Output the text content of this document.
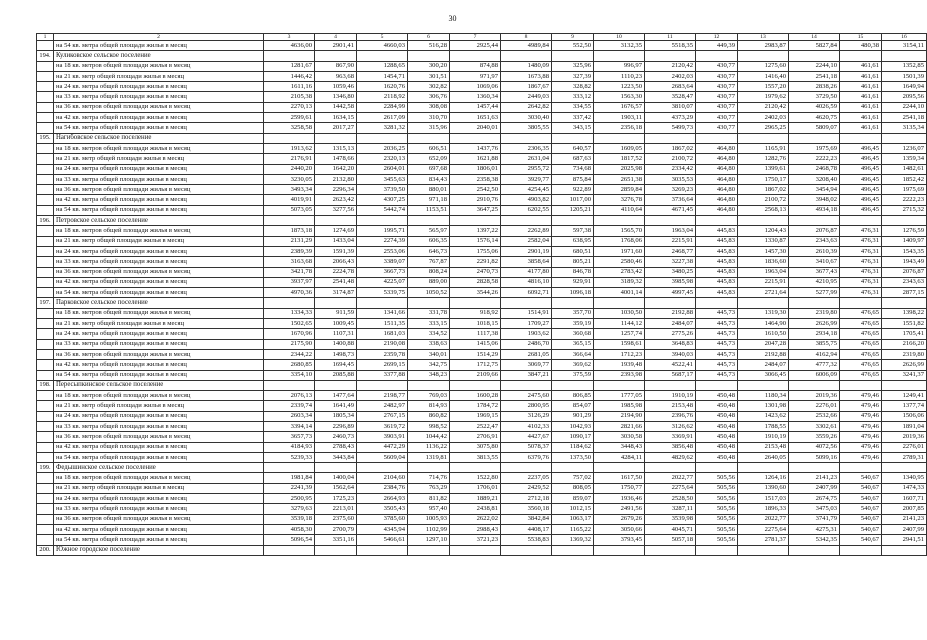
30
1	2	3	4	5	6	7	8	9	10	11	12	13	14	15	16
	на 54 кв. метра общей площади жилья в месяц	4636,00	2901,41	4660,03	516,28	2925,44	4989,84	552,50	3132,35	5518,35	449,39	2983,87	5827,84	480,38	3154,11
194.	Куликовское сельское поселение														
	на 18 кв. метров общей площади жилья в месяц	1281,67	867,90	1288,65	300,20	874,88	1480,09	325,96	996,97	2120,42	430,77	1275,60	2244,10	461,61	1352,85
	на 21 кв. метр общей площади жилья в месяц	1446,42	963,68	1454,71	301,51	971,97	1673,88	327,39	1110,23	2402,03	430,77	1416,40	2541,18	461,61	1501,39
	на 24 кв. метра общей площади жилья в месяц	1611,16	1059,46	1620,76	302,82	1069,06	1867,67	328,82	1223,50	2683,64	430,77	1557,20	2838,26	461,61	1649,94
	на 33 кв. метра общей площади жилья в месяц	2105,38	1346,80	2118,92	306,76	1360,34	2449,03	333,12	1563,30	3528,47	430,77	1979,62	3729,50	461,61	2095,56
	на 36 кв. метров общей площади жилья в месяц	2270,13	1442,58	2284,99	308,08	1457,44	2642,82	334,55	1676,57	3810,07	430,77	2120,42	4026,59	461,61	2244,10
	на 42 кв. метра общей площади жилья в месяц	2599,61	1634,15	2617,09	310,70	1651,63	3030,40	337,42	1903,11	4373,29	430,77	2402,03	4620,75	461,61	2541,18
	на 54 кв. метра общей площади жилья в месяц	3258,58	2017,27	3281,32	315,96	2040,01	3805,55	343,15	2356,18	5499,73	430,77	2965,25	5809,07	461,61	3135,34
195.	Нагибовское сельское поселение														
	на 18 кв. метров общей площади жилья в месяц	1913,62	1315,13	2036,25	606,51	1437,76	2306,35	640,57	1609,05	1867,02	464,80	1165,91	1975,69	496,45	1236,07
	на 21 кв. метр общей площади жилья в месяц	2176,91	1478,66	2320,13	652,09	1621,88	2631,04	687,63	1817,52	2100,72	464,80	1282,76	2222,23	496,45	1359,34
	на 24 кв. метра общей площади жилья в месяц	2440,20	1642,20	2604,01	697,68	1806,01	2955,72	734,68	2025,98	2334,42	464,80	1399,61	2468,78	496,45	1482,61
	на 33 кв. метра общей площади жилья в месяц	3230,05	2132,80	3455,63	834,43	2358,38	3929,77	875,84	2651,38	3035,53	464,80	1750,17	3208,40	496,45	1852,42
	на 36 кв. метров общей площади жилья в месяц	3493,34	2296,34	3739,50	880,01	2542,50	4254,45	922,89	2859,84	3269,23	464,80	1867,02	3454,94	496,45	1975,69
	на 42 кв. метра общей площади жилья в месяц	4019,91	2623,42	4307,25	971,18	2910,76	4903,82	1017,00	3276,78	3736,64	464,80	2100,72	3948,02	496,45	2222,23
	на 54 кв. метра общей площади жилья в месяц	5073,05	3277,56	5442,74	1153,51	3647,25	6202,55	1205,21	4110,64	4671,45	464,80	2568,13	4934,18	496,45	2715,32
196.	Петровское сельское поселение														
	на 18 кв. метров общей площади жилья в месяц	1873,18	1274,69	1995,71	565,97	1397,22	2262,89	597,38	1565,70	1963,04	445,83	1204,43	2076,87	476,31	1276,59
	на 21 кв. метр общей площади жилья в месяц	2131,29	1433,04	2274,39	606,35	1576,14	2582,04	638,95	1768,06	2215,91	445,83	1330,87	2343,63	476,31	1409,97
	на 24 кв. метра общей площади жилья в месяц	2389,39	1591,39	2553,06	646,73	1755,06	2901,19	680,51	1971,60	2468,77	445,83	1457,30	2610,39	476,31	1543,35
	на 33 кв. метра общей площади жилья в месяц	3163,68	2066,43	3389,07	767,87	2291,82	3858,64	805,21	2580,46	3227,38	445,83	1836,60	3410,67	476,31	1943,49
	на 36 кв. метров общей площади жилья в месяц	3421,78	2224,78	3667,73	808,24	2470,73	4177,80	846,78	2783,42	3480,25	445,83	1963,04	3677,43	476,31	2076,87
	на 42 кв. метра общей площади жилья в месяц	3937,97	2541,48	4225,07	889,00	2828,58	4816,10	929,91	3189,32	3985,98	445,83	2215,91	4210,95	476,31	2343,63
	на 54 кв. метра общей площади жилья в месяц	4970,36	3174,87	5339,75	1050,52	3544,26	6092,71	1096,18	4001,14	4997,45	445,83	2721,64	5277,99	476,31	2877,15
197.	Парковское сельское поселение														
	на 18 кв. метров общей площади жилья в месяц	1334,33	911,59	1341,66	331,78	918,92	1514,91	357,70	1030,50	2192,88	445,73	1319,30	2319,80	476,65	1398,22
	на 21 кв. метр общей площади жилья в месяц	1502,65	1009,45	1511,35	333,15	1018,15	1709,27	359,19	1144,12	2484,07	445,73	1464,90	2626,99	476,65	1551,82
	на 24 кв. метра общей площади жилья в месяц	1670,96	1107,31	1681,03	334,52	1117,38	1903,62	360,68	1257,74	2775,26	445,73	1610,50	2934,18	476,65	1705,41
	на 33 кв. метра общей площади жилья в месяц	2175,90	1400,88	2190,08	338,63	1415,06	2486,70	365,15	1598,61	3648,83	445,73	2047,28	3855,75	476,65	2166,20
	на 36 кв. метров общей площади жилья в месяц	2344,22	1498,73	2359,78	340,01	1514,29	2681,05	366,64	1712,23	3940,03	445,73	2192,88	4162,94	476,65	2319,80
	на 42 кв. метра общей площади жилья в месяц	2680,85	1694,45	2699,15	342,75	1712,75	3069,77	369,62	1939,48	4522,41	445,73	2484,07	4777,32	476,65	2626,99
	на 54 кв. метра общей площади жилья в месяц	3354,10	2085,88	3377,88	348,23	2109,66	3847,21	375,59	2393,98	5687,17	445,73	3066,45	6006,09	476,65	3241,37
198.	Пересыпкинское сельское поселение														
	на 18 кв. метров общей площади жилья в месяц	2076,13	1477,64	2198,77	769,03	1600,28	2475,60	806,85	1777,05	1910,19	450,48	1180,34	2019,36	479,46	1249,41
	на 21 кв. метр общей площади жилья в месяц	2339,74	1641,49	2482,97	814,93	1784,72	2800,95	854,07	1985,98	2153,48	450,48	1301,98	2276,01	479,46	1377,74
	на 24 кв. метра общей площади жилья в месяц	2603,34	1805,34	2767,15	860,82	1969,15	3126,29	901,29	2194,90	2396,76	450,48	1423,62	2532,66	479,46	1506,06
	на 33 кв. метра общей площади жилья в месяц	3394,14	2296,89	3619,72	998,52	2522,47	4102,33	1042,93	2821,66	3126,62	450,48	1788,55	3302,61	479,46	1891,04
	на 36 кв. метров общей площади жилья в месяц	3657,73	2460,73	3903,91	1044,42	2706,91	4427,67	1090,17	3030,58	3369,91	450,48	1910,19	3559,26	479,46	2019,36
	на 42 кв. метра общей площади жилья в месяц	4184,93	2788,43	4472,29	1136,22	3075,80	5078,37	1184,62	3448,43	3856,48	450,48	2153,48	4072,56	479,46	2276,01
	на 54 кв. метра общей площади жилья в месяц	5239,33	3443,84	5609,04	1319,81	3813,55	6379,76	1373,50	4284,11	4829,62	450,48	2640,05	5099,16	479,46	2789,31
199.	Федышинское сельское поселение														
	на 18 кв. метров общей площади жилья в месяц	1981,84	1400,04	2104,60	714,76	1522,80	2237,05	757,02	1617,50	2022,77	505,56	1264,16	2141,23	540,67	1340,95
	на 21 кв. метр общей площади жилья в месяц	2241,39	1562,64	2384,76	763,29	1706,01	2429,52	808,05	1750,77	2275,64	505,56	1390,60	2407,99	540,67	1474,33
	на 24 кв. метра общей площади жилья в месяц	2500,95	1725,23	2664,93	811,82	1889,21	2712,18	859,07	1936,46	2528,50	505,56	1517,03	2674,75	540,67	1607,71
	на 33 кв. метра общей площади жилья в месяц	3279,63	2213,01	3505,43	957,40	2438,81	3560,18	1012,15	2491,56	3287,11	505,56	1896,33	3475,03	540,67	2007,85
	на 36 кв. метров общей площади жилья в месяц	3539,18	2375,60	3785,60	1005,93	2622,02	3842,84	1063,17	2679,26	3539,98	505,56	2022,77	3741,79	540,67	2141,23
	на 42 кв. метра общей площади жилья в месяц	4058,30	2700,79	4345,94	1102,99	2988,43	4408,17	1165,22	3050,66	4045,71	505,56	2275,64	4275,31	540,67	2407,99
	на 54 кв. метра общей площади жилья в месяц	5096,54	3351,16	5466,61	1297,10	3721,23	5538,83	1369,32	3793,45	5057,18	505,56	2781,37	5342,35	540,67	2941,51
200.	Южное городское поселение														
